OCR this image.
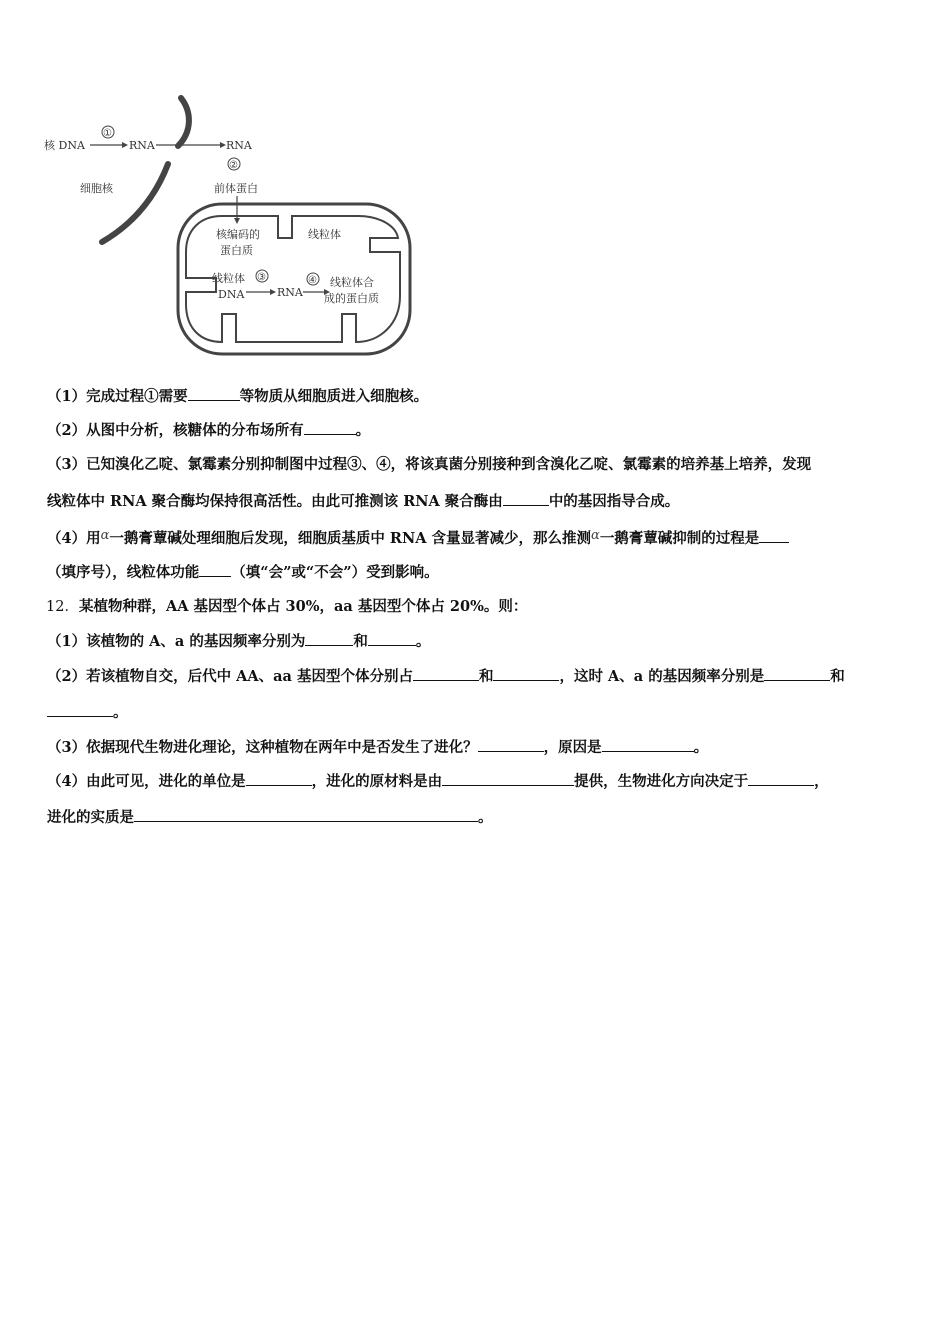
核 DNA
①
RNA	RNA
②
细胞核	前体蛋白
核编码的
蛋白质
线粒体
线粒体
DNA
③
RNA
④ 线粒体合
成的蛋白质
（1）完成过程①需要	等物质从细胞质进入细胞核。
（2）从图中分析，核糖体的分布场所有	。
（3）已知溴化乙啶、氯霉素分别抑制图中过程③、④，将该真菌分别接种到含溴化乙啶、氯霉素的培养基上培养，发现
线粒体中 RNA 聚合酶均保持很高活性。由此可推测该 RNA 聚合酶由	中的基因指导合成。
（4）用α一鹅膏蕈碱处理细胞后发现，细胞质基质中 RNA 含量显著减少，那么推测α一鹅膏蕈碱抑制的过程是
（填序号），线粒体功能 （填“会”或“不会”）受到影响。
12．某植物种群，AA 基因型个体占 30%，aa 基因型个体占 20%。则：
（1）该植物的 A、a 的基因频率分别为	和	。
（2）若该植物自交，后代中 AA、aa 基因型个体分别占	和	，这时 A、a 的基因频率分别是	和
。
（3）依据现代生物进化理论，这种植物在两年中是否发生了进化？	，原因是	。
（4）由此可见，进化的单位是	，进化的原材料是由	提供，生物进化方向决定于	，
进化的实质是	。
